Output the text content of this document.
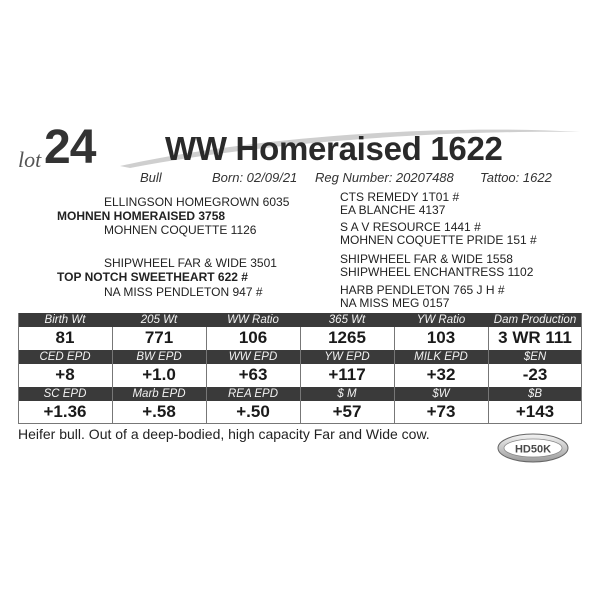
lot 24 WW Homeraised 1622
Bull	Born: 02/09/21 Reg Number: 20207488 Tattoo: 1622
ELLINGSON HOMEGROWN 6035
MOHNEN HOMERAISED 3758
MOHNEN COQUETTE 1126
SHIPWHEEL FAR & WIDE 3501
TOP NOTCH SWEETHEART 622 #
NA MISS PENDLETON 947 #
CTS REMEDY 1T01 #
EA BLANCHE 4137
S A V RESOURCE 1441 #
MOHNEN COQUETTE PRIDE 151 #
SHIPWHEEL FAR & WIDE 1558
SHIPWHEEL ENCHANTRESS 1102
HARB PENDLETON 765 J H #
NA MISS MEG 0157
Birth Wt	205 Wt	WW Ratio	365 Wt	YW Ratio	Dam Production
81	771	106	1265	103	3 WR 111
CED EPD	BW EPD	WW EPD	YW EPD	MILK EPD	$EN
+8	+1.0	+63	+117	+32	-23
SC EPD	Marb EPD	REA EPD	$ M	$W	$B
+1.36	+.58	+.50	+57	+73	+143
Heifer bull. Out of a deep-bodied, high capacity Far and Wide cow.
HD50K
